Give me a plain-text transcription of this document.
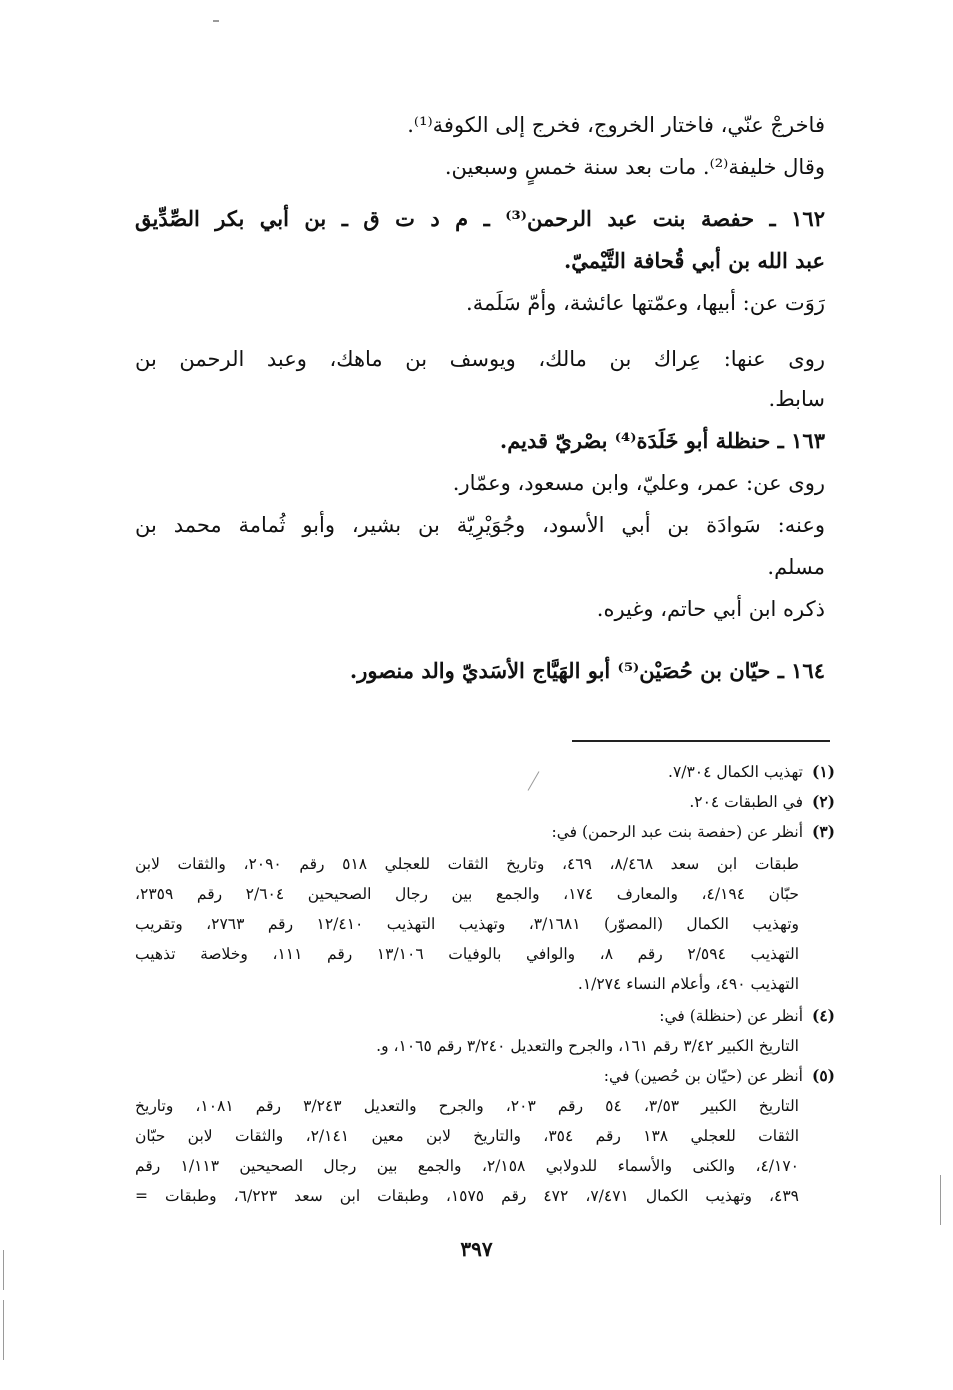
فاخرجْ عنّي، فاختار الخروج، فخرج إلى الكوفة⁽¹⁾.
وقال خليفة⁽²⁾. مات بعد سنة خمسٍ وسبعين.
١٦٢ ـ حفصة بنت عبد الرحمن⁽³⁾ ـ م د ت ق ـ بن أبي بكر الصِّدِّيق
عبد الله بن أبي قُحافة التَّيْميّ.
رَوَت عن: أبيها، وعمّتها عائشة، وأمّ سَلَمة.
روى عنها: عِراك بن مالك، ويوسف بن ماهك، وعبد الرحمن بن
سابط.
١٦٣ ـ حنظلة أبو خَلَدَة⁽⁴⁾ بصْريّ قديم.
روى عن: عمر، وعليّ، وابن مسعود، وعمّار.
وعنه: سَوادَة بن أبي الأسود، وجُوَيْرِيّة بن بشير، وأبو ثُمامة محمد بن
مسلم.
ذكره ابن أبي حاتم، وغيره.
١٦٤ ـ حيّان بن حُصَيْن⁽⁵⁾ أبو الهَيَّاج الأسَديّ والد منصور.
(١)تهذيب الكمال ٧/٣٠٤.
(٢)في الطبقات ٢٠٤.
(٣)أنظر عن (حفصة بنت عبد الرحمن) في:
طبقات ابن سعد ٨/٤٦٨، ٤٦٩، وتاريخ الثقات للعجلي ٥١٨ رقم ٢٠٩٠، والثقات لابن
حبّان ٤/١٩٤، والمعارف ١٧٤، والجمع بين رجال الصحيحين ٢/٦٠٤ رقم ٢٣٥٩،
وتهذيب الكمال (المصوّر) ٣/١٦٨١، وتهذيب التهذيب ١٢/٤١٠ رقم ٢٧٦٣، وتقريب
التهذيب ٢/٥٩٤ رقم ٨، والوافي بالوفيات ١٣/١٠٦ رقم ١١١، وخلاصة تذهيب
التهذيب ٤٩٠، وأعلام النساء ١/٢٧٤.
(٤)أنظر عن (حنظلة) في:
التاريخ الكبير ٣/٤٢ رقم ١٦١، والجرح والتعديل ٣/٢٤٠ رقم ١٠٦٥، و.
(٥)أنظر عن (حيّان بن حُصين) في:
التاريخ الكبير ٣/٥٣، ٥٤ رقم ٢٠٣، والجرح والتعديل ٣/٢٤٣ رقم ١٠٨١، وتاريخ
الثقات للعجلي ١٣٨ رقم ٣٥٤، والتاريخ لابن معين ٢/١٤١، والثقات لابن حبّان
٤/١٧٠، والكنى والأسماء للدولابي ٢/١٥٨، والجمع بين رجال الصحيحين ١/١١٣ رقم
٤٣٩، وتهذيب الكمال ٧/٤٧١، ٤٧٢ رقم ١٥٧٥، وطبقات ابن سعد ٦/٢٢٣، وطبقات =
٣٩٧
